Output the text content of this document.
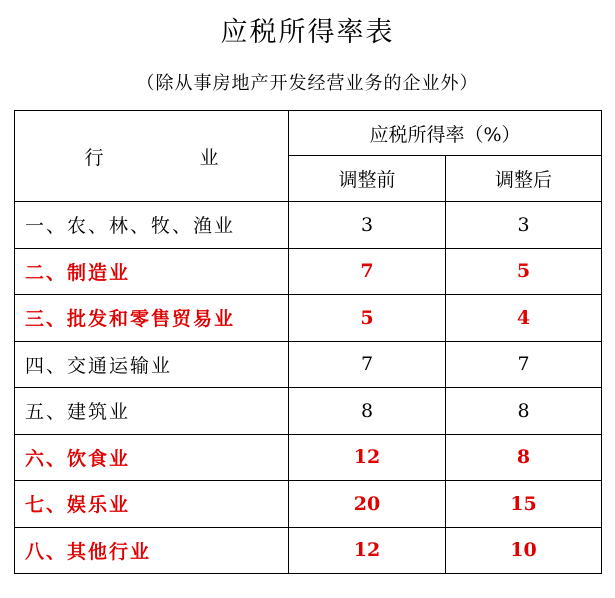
应税所得率表
（除从事房地产开发经营业务的企业外）
行 业	应税所得率（%）	
	调整前	调整后
一、农、林、牧、渔业	3	3
二、制造业	7	5
三、批发和零售贸易业	5	4
四、交通运输业	7	7
五、建筑业	8	8
六、饮食业	12	8
七、娱乐业	20	15
八、其他行业	12	10
